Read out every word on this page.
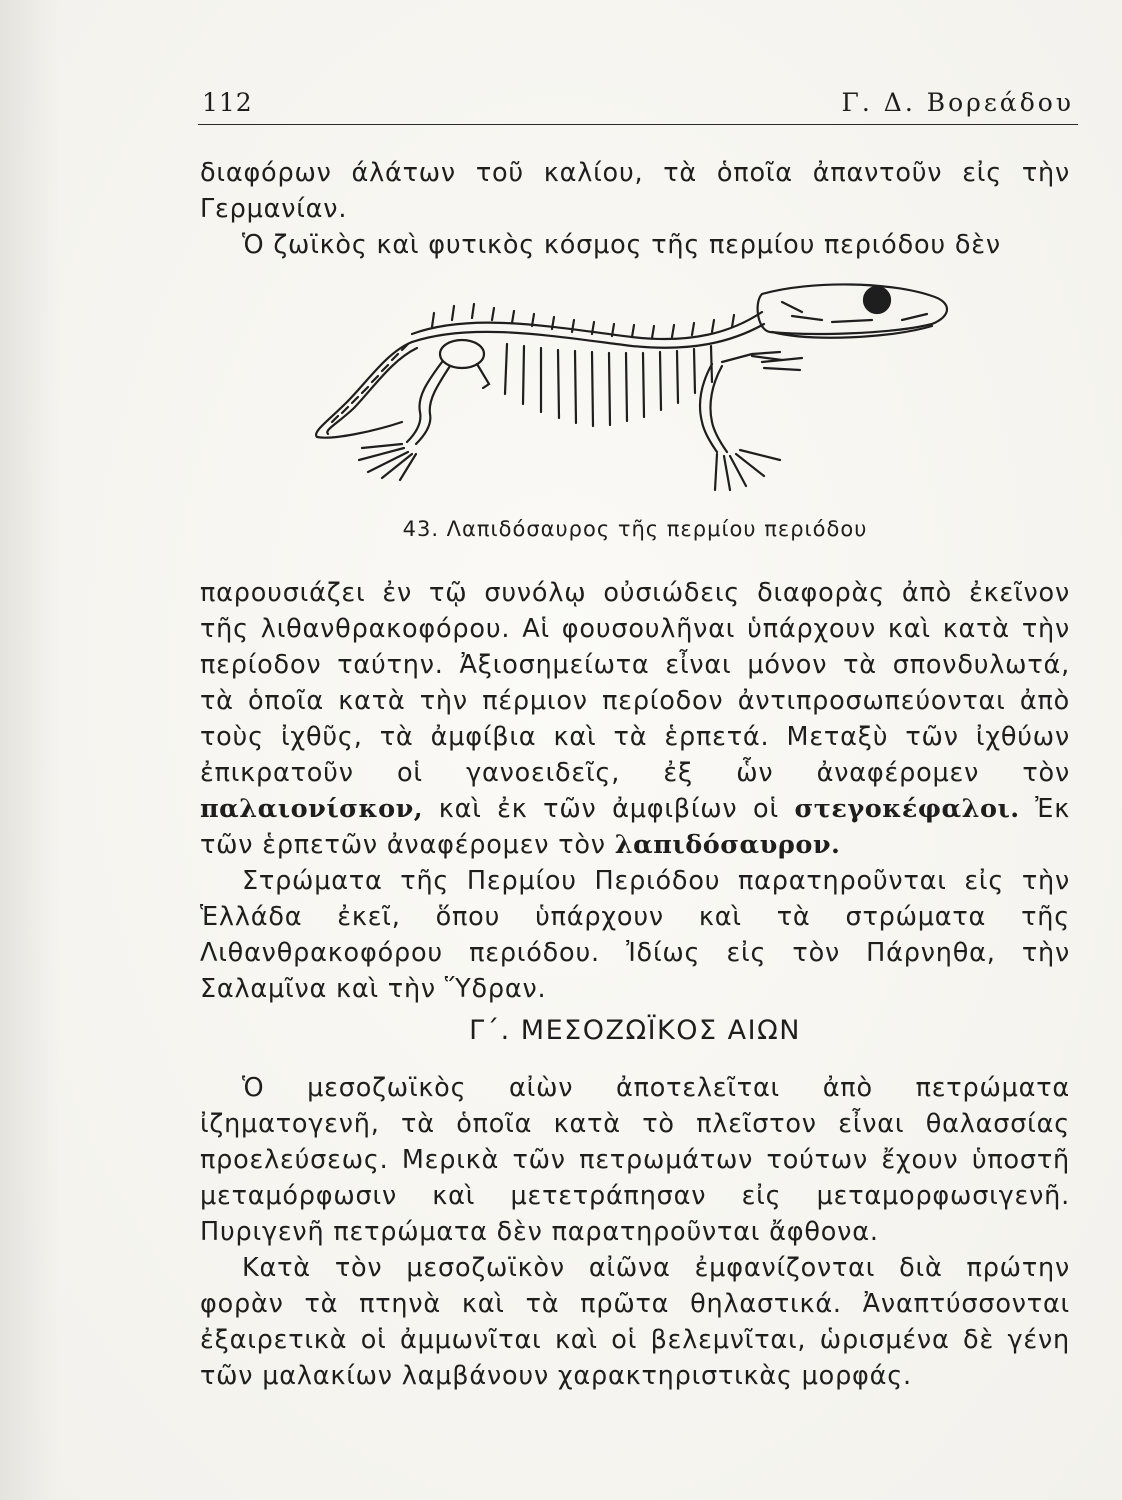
112	Γ. Δ. Βορεάδου

διαφόρων άλάτων τοῦ καλίου, τὰ ὁποῖα ἀπαντοῦν εἰς τὴν Γερμανίαν.

Ὁ ζωϊκὸς καὶ φυτικὸς κόσμος τῆς περμίου περιόδου δὲν

43. Λαπιδόσαυρος τῆς περμίου περιόδου

παρουσιάζει ἐν τῷ συνόλῳ οὐσιώδεις διαφορὰς ἀπὸ ἐκεῖνον τῆς λιθανθρακοφόρου. Αἱ φουσουλῆναι ὑπάρχουν καὶ κατὰ τὴν περίοδον ταύτην. Ἀξιοσημείωτα εἶναι μόνον τὰ σπονδυλωτά, τὰ ὁποῖα κατὰ τὴν πέρμιον περίοδον ἀντιπροσωπεύονται ἀπὸ τοὺς ἰχθῦς, τὰ ἀμφίβια καὶ τὰ ἑρπετά. Μεταξὺ τῶν ἰχθύων ἐπικρατοῦν οἱ γανοειδεῖς, ἐξ ὧν ἀναφέρομεν τὸν παλαιονίσκον, καὶ ἐκ τῶν ἀμφιβίων οἱ στεγοκέφαλοι. Ἐκ τῶν ἑρπετῶν ἀναφέρομεν τὸν λαπιδόσαυρον.

Στρώματα τῆς Περμίου Περιόδου παρατηροῦνται εἰς τὴν Ἑλλάδα ἐκεῖ, ὅπου ὑπάρχουν καὶ τὰ στρώματα τῆς Λιθανθρακοφόρου περιόδου. Ἰδίως εἰς τὸν Πάρνηθα, τὴν Σαλαμῖνα καὶ τὴν Ὕδραν.

Γ΄. ΜΕΣΟΖΩΪΚΟΣ ΑΙΩΝ

Ὁ μεσοζωϊκὸς αἰὼν ἀποτελεῖται ἀπὸ πετρώματα ἰζηματογενῆ, τὰ ὁποῖα κατὰ τὸ πλεῖστον εἶναι θαλασσίας προελεύσεως. Μερικὰ τῶν πετρωμάτων τούτων ἔχουν ὑποστῆ μεταμόρφωσιν καὶ μετετράπησαν εἰς μεταμορφωσιγενῆ. Πυριγενῆ πετρώματα δὲν παρατηροῦνται ἄφθονα.

Κατὰ τὸν μεσοζωϊκὸν αἰῶνα ἐμφανίζονται διὰ πρώτην φορὰν τὰ πτηνὰ καὶ τὰ πρῶτα θηλαστικά. Ἀναπτύσσονται ἐξαιρετικὰ οἱ ἀμμωνῖται καὶ οἱ βελεμνῖται, ὡρισμένα δὲ γένη τῶν μαλακίων λαμβάνουν χαρακτηριστικὰς μορφάς.
